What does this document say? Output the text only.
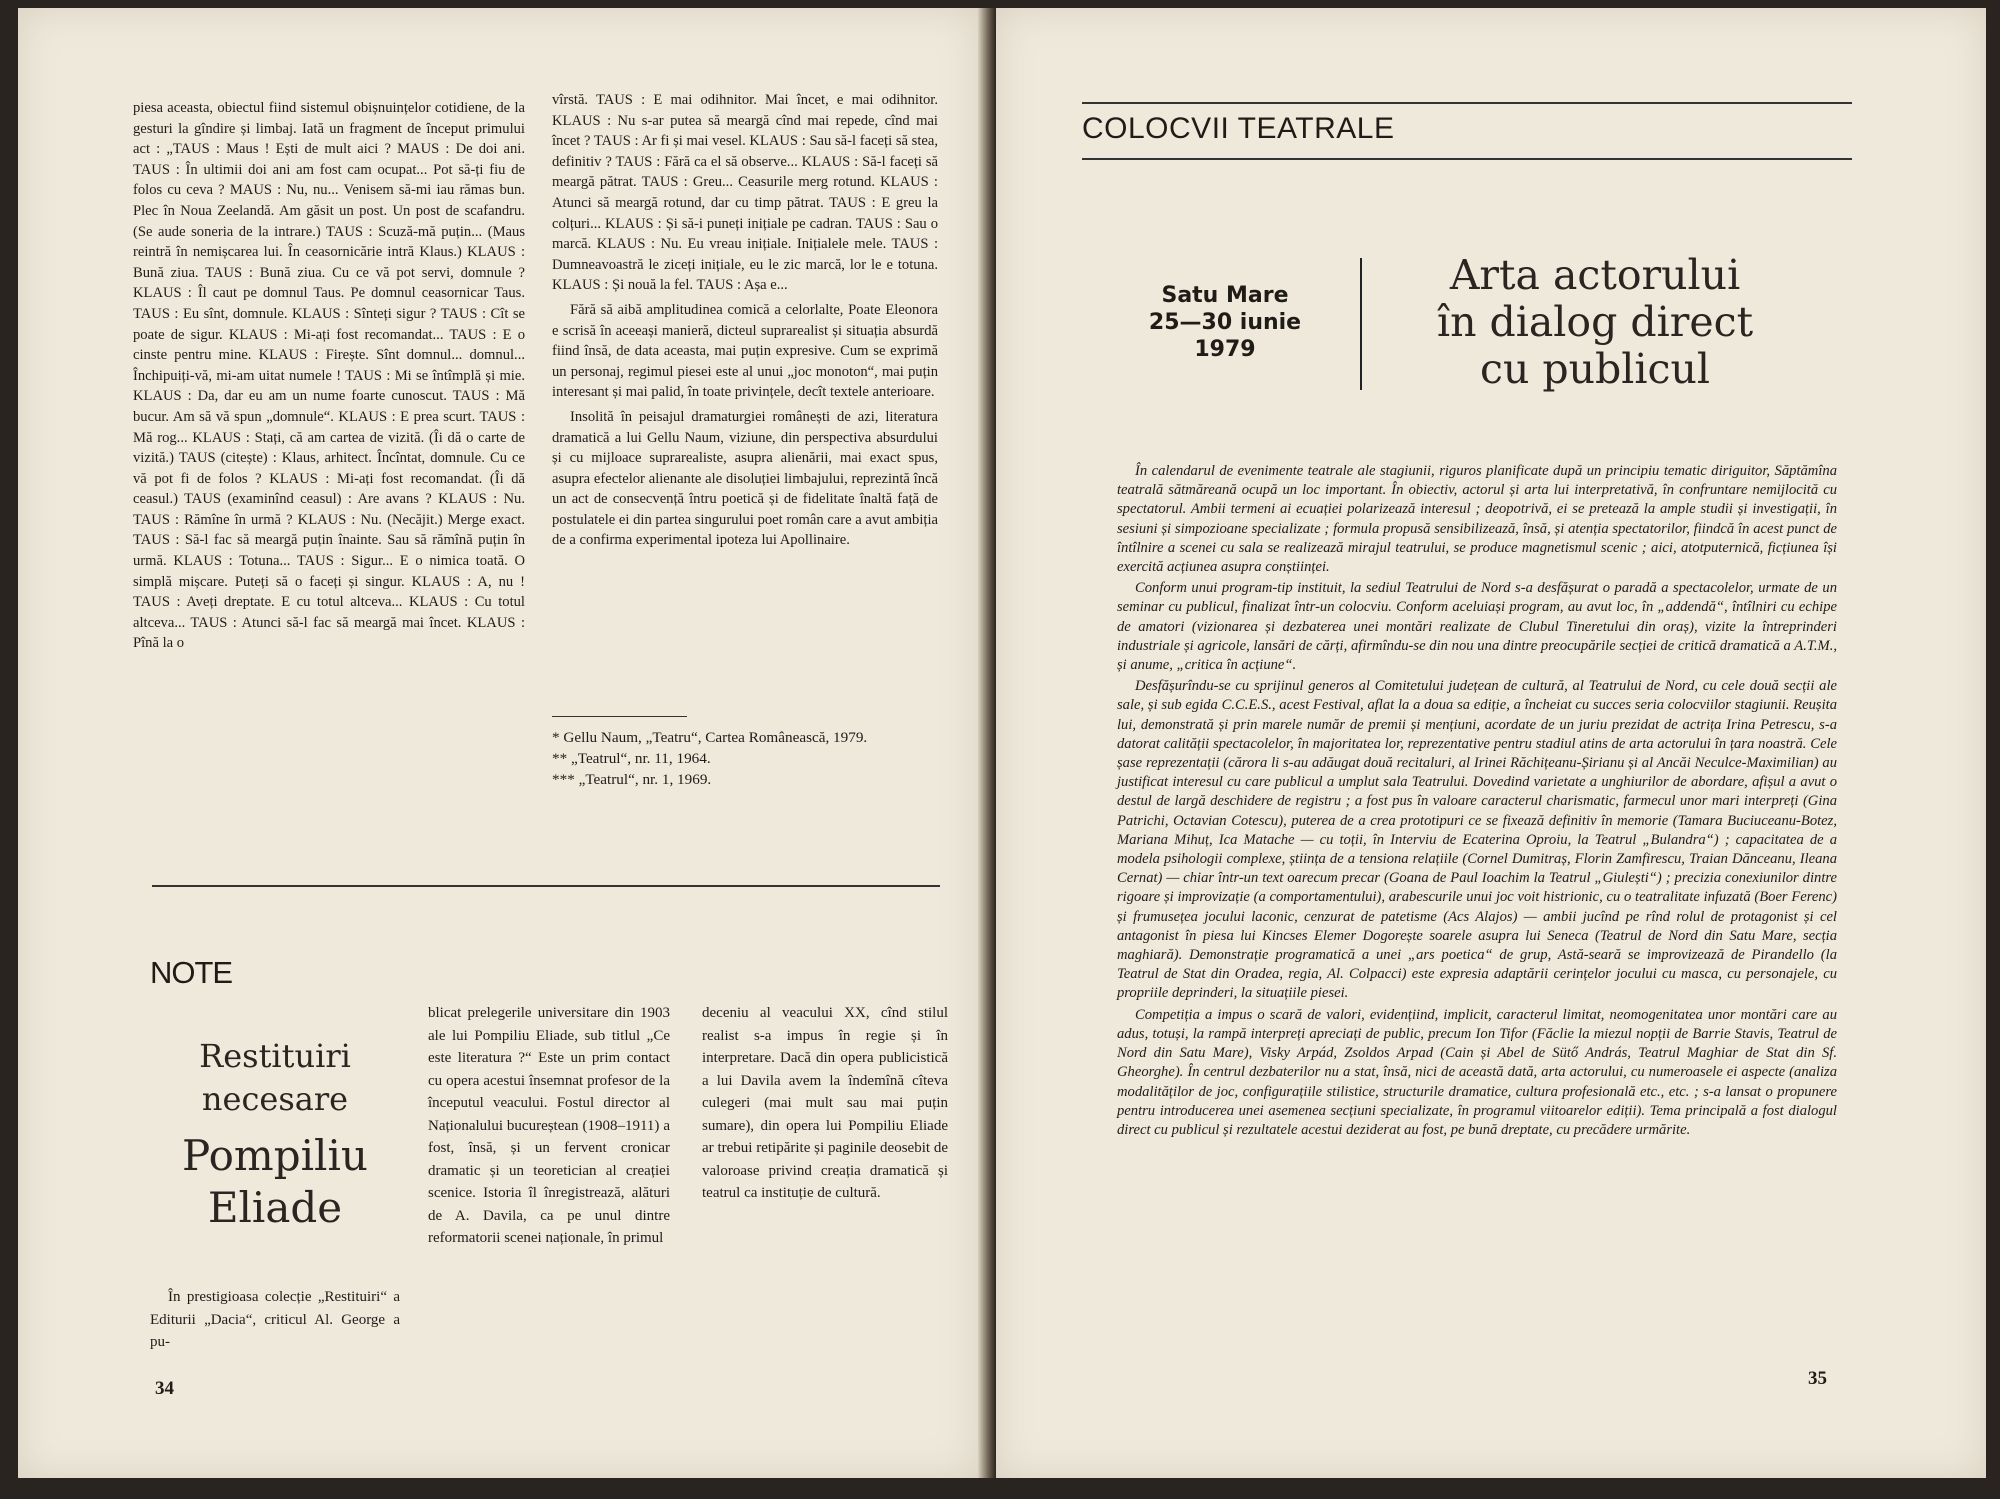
piesa aceasta, obiectul fiind sistemul obișnuințelor cotidiene, de la gesturi la gîndire și limbaj. Iată un fragment de început primului act : „TAUS : Maus ! Ești de mult aici ? MAUS : De doi ani. TAUS : În ultimii doi ani am fost cam ocupat... Pot să-ți fiu de folos cu ceva ? MAUS : Nu, nu... Venisem să-mi iau rămas bun. Plec în Noua Zeelandă. Am găsit un post. Un post de scafandru. (Se aude soneria de la intrare.) TAUS : Scuză-mă puțin... (Maus reintră în nemișcarea lui. În ceasornicărie intră Klaus.) KLAUS : Bună ziua. TAUS : Bună ziua. Cu ce vă pot servi, domnule ? KLAUS : Îl caut pe domnul Taus. Pe domnul ceasornicar Taus. TAUS : Eu sînt, domnule. KLAUS : Sînteți sigur ? TAUS : Cît se poate de sigur. KLAUS : Mi-ați fost recomandat... TAUS : E o cinste pentru mine. KLAUS : Firește. Sînt domnul... domnul... Închipuiți-vă, mi-am uitat numele ! TAUS : Mi se întîmplă și mie. KLAUS : Da, dar eu am un nume foarte cunoscut. TAUS : Mă bucur. Am să vă spun „domnule“. KLAUS : E prea scurt. TAUS : Mă rog... KLAUS : Stați, că am cartea de vizită. (Îi dă o carte de vizită.) TAUS (citește) : Klaus, arhitect. Încîntat, domnule. Cu ce vă pot fi de folos ? KLAUS : Mi-ați fost recomandat. (Îi dă ceasul.) TAUS (examinînd ceasul) : Are avans ? KLAUS : Nu. TAUS : Rămîne în urmă ? KLAUS : Nu. (Necăjit.) Merge exact. TAUS : Să-l fac să meargă puțin înainte. Sau să rămînă puțin în urmă. KLAUS : Totuna... TAUS : Sigur... E o nimica toată. O simplă mișcare. Puteți să o faceți și singur. KLAUS : A, nu ! TAUS : Aveți dreptate. E cu totul altceva... KLAUS : Cu totul altceva... TAUS : Atunci să-l fac să meargă mai încet. KLAUS : Pînă la o

vîrstă. TAUS : E mai odihnitor. Mai încet, e mai odihnitor. KLAUS : Nu s-ar putea să meargă cînd mai repede, cînd mai încet ? TAUS : Ar fi și mai vesel. KLAUS : Sau să-l faceți să stea, definitiv ? TAUS : Fără ca el să observe... KLAUS : Să-l faceți să meargă pătrat. TAUS : Greu... Ceasurile merg rotund. KLAUS : Atunci să meargă rotund, dar cu timp pătrat. TAUS : E greu la colțuri... KLAUS : Și să-i puneți inițiale pe cadran. TAUS : Sau o marcă. KLAUS : Nu. Eu vreau inițiale. Inițialele mele. TAUS : Dumneavoastră le ziceți inițiale, eu le zic marcă, lor le e totuna. KLAUS : Și nouă la fel. TAUS : Așa e...

Fără să aibă amplitudinea comică a celorlalte, Poate Eleonora e scrisă în aceeași manieră, dicteul suprarealist și situația absurdă fiind însă, de data aceasta, mai puțin expresive. Cum se exprimă un personaj, regimul piesei este al unui „joc monoton“, mai puțin interesant și mai palid, în toate privințele, decît textele anterioare.

Insolită în peisajul dramaturgiei românești de azi, literatura dramatică a lui Gellu Naum, viziune, din perspectiva absurdului și cu mijloace suprarealiste, asupra alienării, mai exact spus, asupra efectelor alienante ale disoluției limbajului, reprezintă încă un act de consecvență întru poetică și de fidelitate înaltă față de postulatele ei din partea singurului poet român care a avut ambiția de a confirma experimental ipoteza lui Apollinaire.

* Gellu Naum, „Teatru“, Cartea Românească, 1979.
** „Teatrul“, nr. 11, 1964.
*** „Teatrul“, nr. 1, 1969.
NOTE
Restituiri
necesare
Pompiliu
Eliade

În prestigioasa colecție „Restituiri“ a Editurii „Dacia“, criticul Al. George a pu-

blicat prelegerile universitare din 1903 ale lui Pompiliu Eliade, sub titlul „Ce este literatura ?“ Este un prim contact cu opera acestui însemnat profesor de la începutul veacului. Fostul director al Naționalului bucureștean (1908–1911) a fost, însă, și un fervent cronicar dramatic și un teoretician al creației scenice. Istoria îl înregistrează, alături de A. Davila, ca pe unul dintre reformatorii scenei naționale, în primul

deceniu al veacului XX, cînd stilul realist s-a impus în regie și în interpretare. Dacă din opera publicistică a lui Davila avem la îndemînă cîteva culegeri (mai mult sau mai puțin sumare), din opera lui Pompiliu Eliade ar trebui retipărite și paginile deosebit de valoroase privind creația dramatică și teatrul ca instituție de cultură.

34
COLOCVII TEATRALE
Satu Mare
25—30 iunie
1979
Arta actorului
în dialog direct
cu publicul

În calendarul de evenimente teatrale ale stagiunii, riguros planificate după un principiu tematic diriguitor, Săptămîna teatrală sătmăreană ocupă un loc important. În obiectiv, actorul și arta lui interpretativă, în confruntare nemijlocită cu spectatorul. Ambii termeni ai ecuației polarizează interesul ; deopotrivă, ei se pretează la ample studii și investigații, în sesiuni și simpozioane specializate ; formula propusă sensibilizează, însă, și atenția spectatorilor, fiindcă în acest punct de întîlnire a scenei cu sala se realizează mirajul teatrului, se produce magnetismul scenic ; aici, atotputernică, ficțiunea își exercită acțiunea asupra conștiinței.

Conform unui program-tip instituit, la sediul Teatrului de Nord s-a desfășurat o paradă a spectacolelor, urmate de un seminar cu publicul, finalizat într-un colocviu. Conform aceluiași program, au avut loc, în „addendă“, întîlniri cu echipe de amatori (vizionarea și dezbaterea unei montări realizate de Clubul Tineretului din oraș), vizite la întreprinderi industriale și agricole, lansări de cărți, afirmîndu-se din nou una dintre preocupările secției de critică dramatică a A.T.M., și anume, „critica în acțiune“.

Desfășurîndu-se cu sprijinul generos al Comitetului județean de cultură, al Teatrului de Nord, cu cele două secții ale sale, și sub egida C.C.E.S., acest Festival, aflat la a doua sa ediție, a încheiat cu succes seria colocviilor stagiunii. Reușita lui, demonstrată și prin marele număr de premii și mențiuni, acordate de un juriu prezidat de actrița Irina Petrescu, s-a datorat calității spectacolelor, în majoritatea lor, reprezentative pentru stadiul atins de arta actorului în țara noastră. Cele șase reprezentații (cărora li s-au adăugat două recitaluri, al Irinei Răchițeanu-Șirianu și al Ancăi Neculce-Maximilian) au justificat interesul cu care publicul a umplut sala Teatrului. Dovedind varietate a unghiurilor de abordare, afișul a avut o destul de largă deschidere de registru ; a fost pus în valoare caracterul charismatic, farmecul unor mari interpreți (Gina Patrichi, Octavian Cotescu), puterea de a crea prototipuri ce se fixează definitiv în memorie (Tamara Buciuceanu-Botez, Mariana Mihuț, Ica Matache — cu toții, în Interviu de Ecaterina Oproiu, la Teatrul „Bulandra“) ; capacitatea de a modela psihologii complexe, știința de a tensiona relațiile (Cornel Dumitraș, Florin Zamfirescu, Traian Dănceanu, Ileana Cernat) — chiar într-un text oarecum precar (Goana de Paul Ioachim la Teatrul „Giulești“) ; precizia conexiunilor dintre rigoare și improvizație (a comportamentului), arabescurile unui joc voit histrionic, cu o teatralitate infuzată (Boer Ferenc) și frumusețea jocului laconic, cenzurat de patetisme (Acs Alajos) — ambii jucînd pe rînd rolul de protagonist și cel antagonist în piesa lui Kincses Elemer Dogorește soarele asupra lui Seneca (Teatrul de Nord din Satu Mare, secția maghiară). Demonstrație programatică a unei „ars poetica“ de grup, Astă-seară se improvizează de Pirandello (la Teatrul de Stat din Oradea, regia, Al. Colpacci) este expresia adaptării cerințelor jocului cu masca, cu personajele, cu propriile deprinderi, la situațiile piesei.

Competiția a impus o scară de valori, evidențiind, implicit, caracterul limitat, neomogenitatea unor montări care au adus, totuși, la rampă interpreți apreciați de public, precum Ion Tifor (Făclie la miezul nopții de Barrie Stavis, Teatrul de Nord din Satu Mare), Visky Arpád, Zsoldos Arpad (Cain și Abel de Sütő András, Teatrul Maghiar de Stat din Sf. Gheorghe). În centrul dezbaterilor nu a stat, însă, nici de această dată, arta actorului, cu numeroasele ei aspecte (analiza modalităților de joc, configurațiile stilistice, structurile dramatice, cultura profesională etc., etc. ; s-a lansat o propunere pentru introducerea unei asemenea secțiuni specializate, în programul viitoarelor ediții). Tema principală a fost dialogul direct cu publicul și rezultatele acestui deziderat au fost, pe bună dreptate, cu precădere urmărite.

35
